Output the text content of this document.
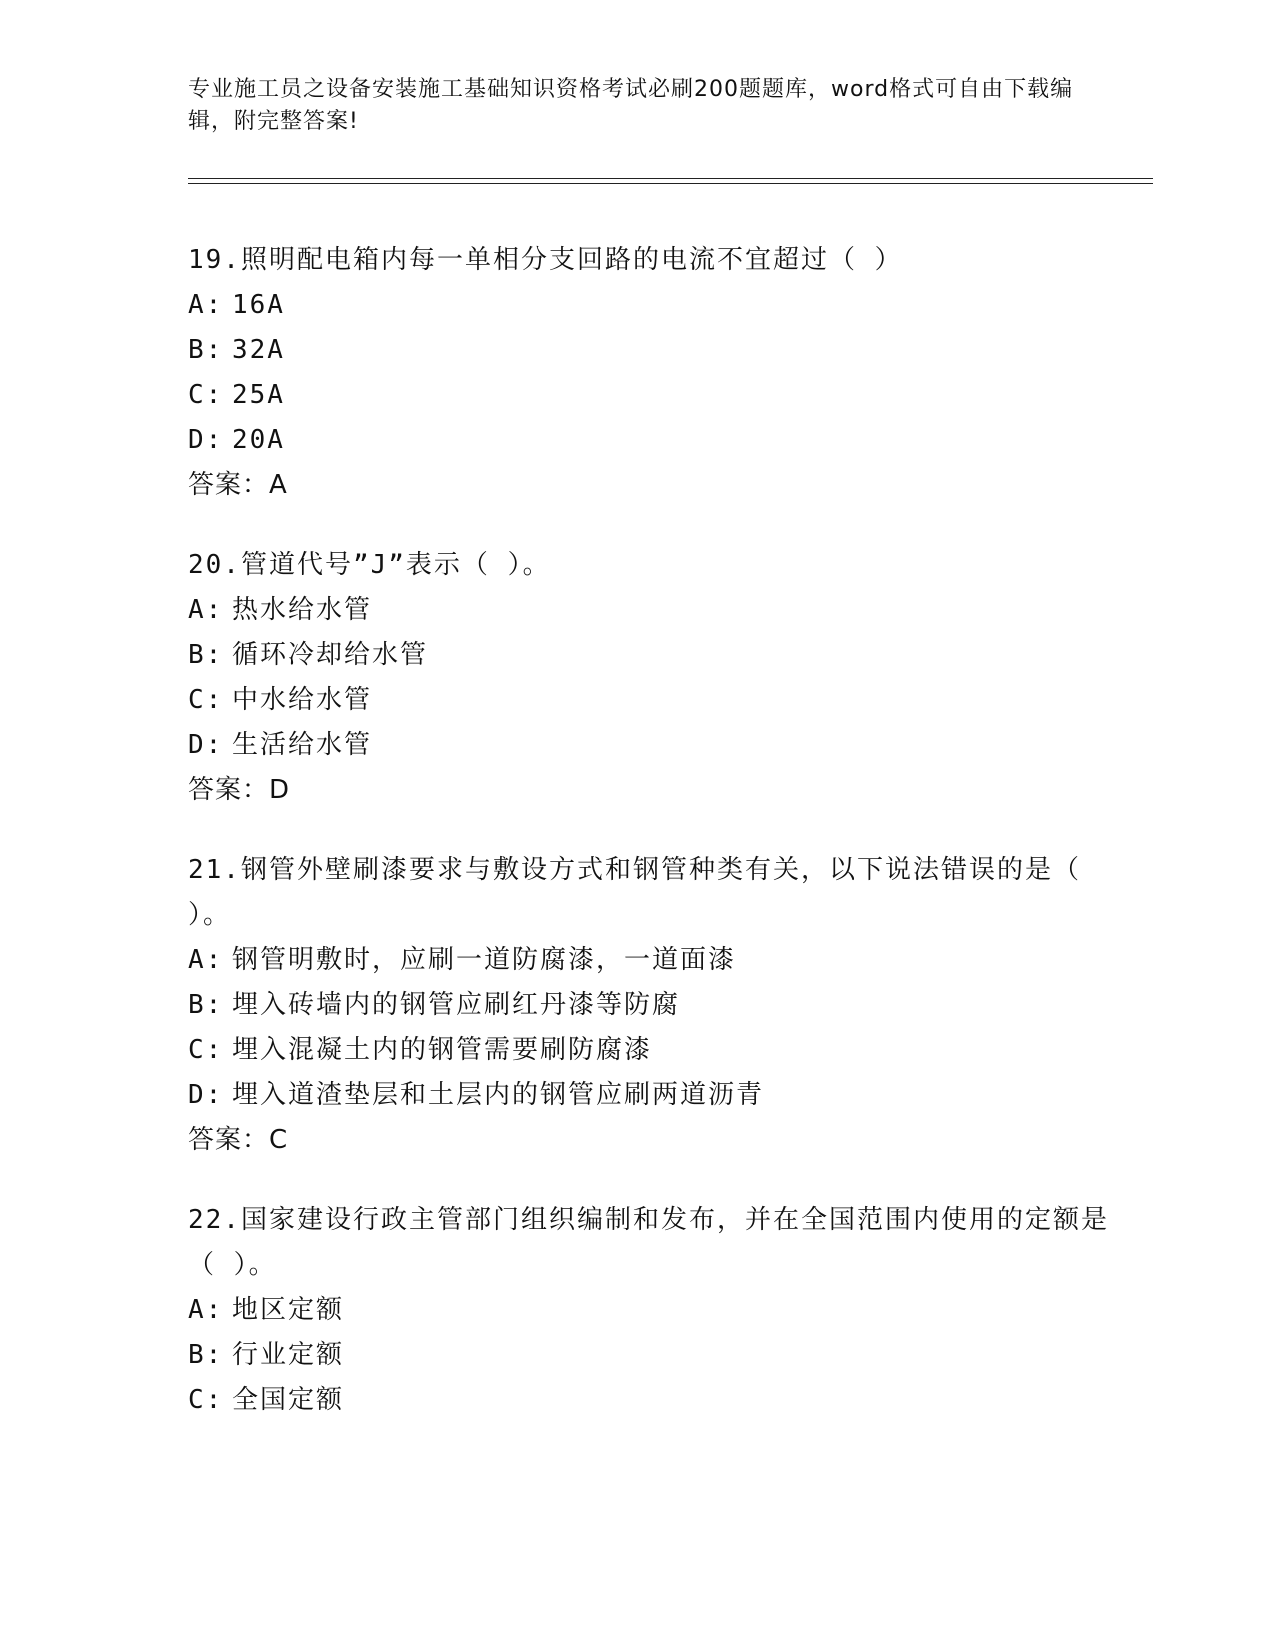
专业施工员之设备安装施工基础知识资格考试必刷200题题库，word格式可自由下载编辑，附完整答案!

19.照明配电箱内每一单相分支回路的电流不宜超过（ ）

A: 16A

B: 32A

C: 25A

D: 20A

答案：A

20.管道代号”J”表示（ ）。

A: 热水给水管

B: 循环冷却给水管

C: 中水给水管

D: 生活给水管

答案：D

21.钢管外壁刷漆要求与敷设方式和钢管种类有关，以下说法错误的是（ ）。

A: 钢管明敷时，应刷一道防腐漆，一道面漆

B: 埋入砖墙内的钢管应刷红丹漆等防腐

C: 埋入混凝土内的钢管需要刷防腐漆

D: 埋入道渣垫层和土层内的钢管应刷两道沥青

答案：C

22.国家建设行政主管部门组织编制和发布，并在全国范围内使用的定额是（ ）。

A: 地区定额

B: 行业定额

C: 全国定额
